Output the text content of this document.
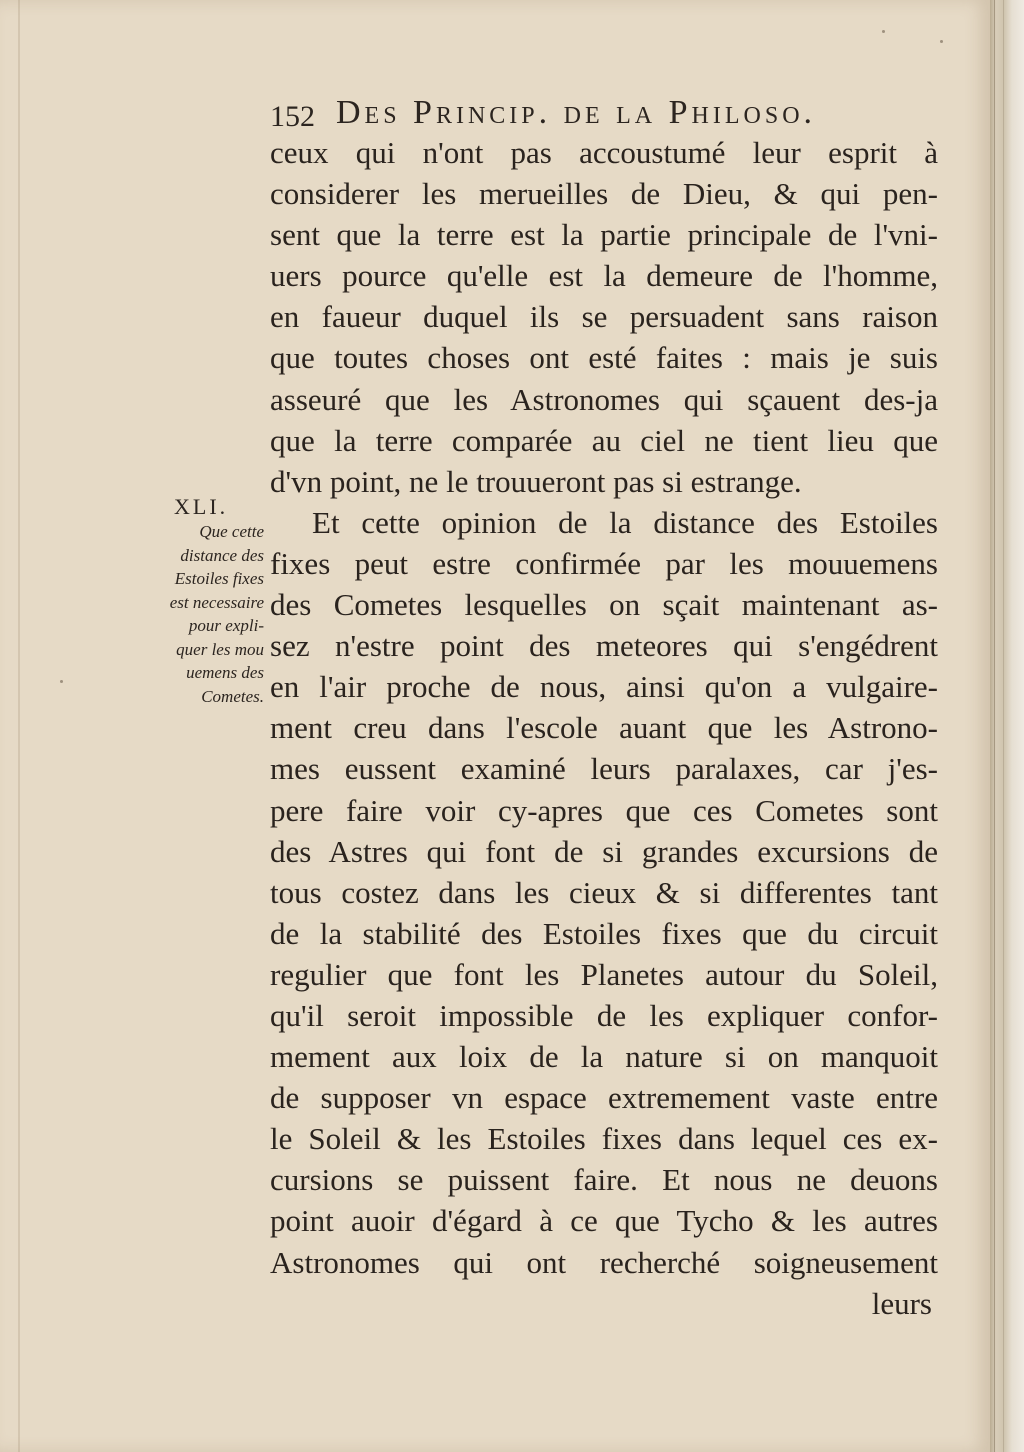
152 Des Princip. de la Philoso.
XLI.
Que cette
distance des
Estoiles fixes
est necessaire
pour expli-
quer les mou
uemens des
Cometes.
ceux qui n'ont pas accoustumé leur esprit à
considerer les merueilles de Dieu, & qui pen-
sent que la terre est la partie principale de l'vni-
uers pource qu'elle est la demeure de l'homme,
en faueur duquel ils se persuadent sans raison
que toutes choses ont esté faites : mais je suis
asseuré que les Astronomes qui sçauent des-ja
que la terre comparée au ciel ne tient lieu que
d'vn point, ne le trouueront pas si estrange.
Et cette opinion de la distance des Estoiles
fixes peut estre confirmée par les mouuemens
des Cometes lesquelles on sçait maintenant as-
sez n'estre point des meteores qui s'engédrent
en l'air proche de nous, ainsi qu'on a vulgaire-
ment creu dans l'escole auant que les Astrono-
mes eussent examiné leurs paralaxes, car j'es-
pere faire voir cy-apres que ces Cometes sont
des Astres qui font de si grandes excursions de
tous costez dans les cieux & si differentes tant
de la stabilité des Estoiles fixes que du circuit
regulier que font les Planetes autour du Soleil,
qu'il seroit impossible de les expliquer confor-
mement aux loix de la nature si on manquoit
de supposer vn espace extremement vaste entre
le Soleil & les Estoiles fixes dans lequel ces ex-
cursions se puissent faire. Et nous ne deuons
point auoir d'égard à ce que Tycho & les autres
Astronomes qui ont recherché soigneusement
leurs
